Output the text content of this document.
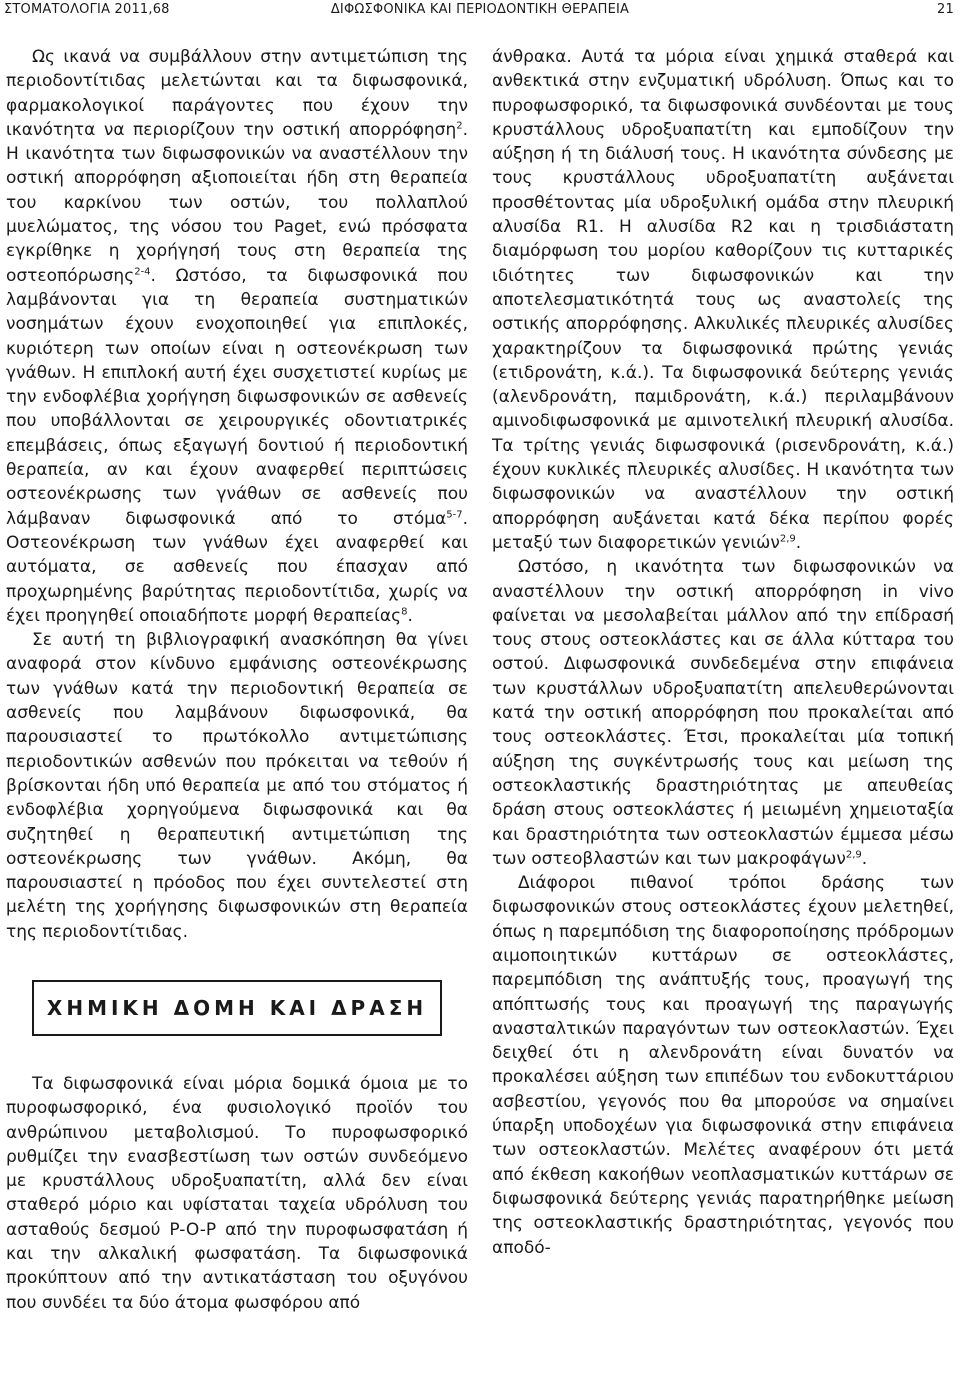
ΣΤΟΜΑΤΟΛΟΓΙΑ 2011,68	ΔΙΦΩΣΦΟΝΙΚΑ ΚΑΙ ΠΕΡΙΟΔΟΝΤΙΚΗ ΘΕΡΑΠΕΙΑ	21

Ως ικανά να συμβάλλουν στην αντιμετώπιση της περιοδοντίτιδας μελετώνται και τα διφωσφονικά, φαρμακολογικοί παράγοντες που έχουν την ικανότητα να περιορίζουν την οστική απορρόφηση$^2$. Η ικανότητα των διφωσφονικών να αναστέλλουν την οστική απορρόφηση αξιοποιείται ήδη στη θεραπεία του καρκίνου των οστών, του πολλαπλού μυελώματος, της νόσου του Paget, ενώ πρόσφατα εγκρίθηκε η χορήγησή τους στη θεραπεία της οστεοπόρωσης$^{2-4}$. Ωστόσο, τα διφωσφονικά που λαμβάνονται για τη θεραπεία συστηματικών νοσημάτων έχουν ενοχοποιηθεί για επιπλοκές, κυριότερη των οποίων είναι η οστεονέκρωση των γνάθων. Η επιπλοκή αυτή έχει συσχετιστεί κυρίως με την ενδοφλέβια χορήγηση διφωσφονικών σε ασθενείς που υποβάλλονται σε χειρουργικές οδοντιατρικές επεμβάσεις, όπως εξαγωγή δοντιού ή περιοδοντική θεραπεία, αν και έχουν αναφερθεί περιπτώσεις οστεονέκρωσης των γνάθων σε ασθενείς που λάμβαναν διφωσφονικά από το στόμα$^{5-7}$. Οστεονέκρωση των γνάθων έχει αναφερθεί και αυτόματα, σε ασθενείς που έπασχαν από προχωρημένης βαρύτητας περιοδοντίτιδα, χωρίς να έχει προηγηθεί οποιαδήποτε μορφή θεραπείας$^8$.

Σε αυτή τη βιβλιογραφική ανασκόπηση θα γίνει αναφορά στον κίνδυνο εμφάνισης οστεονέκρωσης των γνάθων κατά την περιοδοντική θεραπεία σε ασθενείς που λαμβάνουν διφωσφονικά, θα παρουσιαστεί το πρωτόκολλο αντιμετώπισης περιοδοντικών ασθενών που πρόκειται να τεθούν ή βρίσκονται ήδη υπό θεραπεία με από του στόματος ή ενδοφλέβια χορηγούμενα διφωσφονικά και θα συζητηθεί η θεραπευτική αντιμετώπιση της οστεονέκρωσης των γνάθων. Ακόμη, θα παρουσιαστεί η πρόοδος που έχει συντελεστεί στη μελέτη της χορήγησης διφωσφονικών στη θεραπεία της περιοδοντίτιδας.

ΧΗΜΙΚΗ ΔΟΜΗ ΚΑΙ ΔΡΑΣΗ

Τα διφωσφονικά είναι μόρια δομικά όμοια με το πυροφωσφορικό, ένα φυσιολογικό προϊόν του ανθρώπινου μεταβολισμού. Το πυροφωσφορικό ρυθμίζει την ενασβεστίωση των οστών συνδεόμενο με κρυστάλλους υδροξυαπατίτη, αλλά δεν είναι σταθερό μόριο και υφίσταται ταχεία υδρόλυση του ασταθούς δεσμού P-O-P από την πυροφωσφατάση ή και την αλκαλική φωσφατάση. Τα διφωσφονικά προκύπτουν από την αντικατάσταση του οξυγόνου που συνδέει τα δύο άτομα φωσφόρου από

άνθρακα. Αυτά τα μόρια είναι χημικά σταθερά και ανθεκτικά στην ενζυματική υδρόλυση. Όπως και το πυροφωσφορικό, τα διφωσφονικά συνδέονται με τους κρυστάλλους υδροξυαπατίτη και εμποδίζουν την αύξηση ή τη διάλυσή τους. Η ικανότητα σύνδεσης με τους κρυστάλλους υδροξυαπατίτη αυξάνεται προσθέτοντας μία υδροξυλική ομάδα στην πλευρική αλυσίδα R1. Η αλυσίδα R2 και η τρισδιάστατη διαμόρφωση του μορίου καθορίζουν τις κυτταρικές ιδιότητες των διφωσφονικών και την αποτελεσματικότητά τους ως αναστολείς της οστικής απορρόφησης. Αλκυλικές πλευρικές αλυσίδες χαρακτηρίζουν τα διφωσφονικά πρώτης γενιάς (ετιδρονάτη, κ.ά.). Τα διφωσφονικά δεύτερης γενιάς (αλενδρονάτη, παμιδρονάτη, κ.ά.) περιλαμβάνουν αμινοδιφωσφονικά με αμινοτελική πλευρική αλυσίδα. Τα τρίτης γενιάς διφωσφονικά (ρισενδρονάτη, κ.ά.) έχουν κυκλικές πλευρικές αλυσίδες. Η ικανότητα των διφωσφονικών να αναστέλλουν την οστική απορρόφηση αυξάνεται κατά δέκα περίπου φορές μεταξύ των διαφορετικών γενιών$^{2,9}$.

Ωστόσο, η ικανότητα των διφωσφονικών να αναστέλλουν την οστική απορρόφηση in vivo φαίνεται να μεσολαβείται μάλλον από την επίδρασή τους στους οστεοκλάστες και σε άλλα κύτταρα του οστού. Διφωσφονικά συνδεδεμένα στην επιφάνεια των κρυστάλλων υδροξυαπατίτη απελευθερώνονται κατά την οστική απορρόφηση που προκαλείται από τους οστεοκλάστες. Έτσι, προκαλείται μία τοπική αύξηση της συγκέντρωσής τους και μείωση της οστεοκλαστικής δραστηριότητας με απευθείας δράση στους οστεοκλάστες ή μειωμένη χημειοταξία και δραστηριότητα των οστεοκλαστών έμμεσα μέσω των οστεοβλαστών και των μακροφάγων$^{2,9}$.

Διάφοροι πιθανοί τρόποι δράσης των διφωσφονικών στους οστεοκλάστες έχουν μελετηθεί, όπως η παρεμπόδιση της διαφοροποίησης πρόδρομων αιμοποιητικών κυττάρων σε οστεοκλάστες, παρεμπόδιση της ανάπτυξής τους, προαγωγή της απόπτωσής τους και προαγωγή της παραγωγής ανασταλτικών παραγόντων των οστεοκλαστών. Έχει δειχθεί ότι η αλενδρονάτη είναι δυνατόν να προκαλέσει αύξηση των επιπέδων του ενδοκυττάριου ασβεστίου, γεγονός που θα μπορούσε να σημαίνει ύπαρξη υποδοχέων για διφωσφονικά στην επιφάνεια των οστεοκλαστών. Μελέτες αναφέρουν ότι μετά από έκθεση κακοήθων νεοπλασματικών κυττάρων σε διφωσφονικά δεύτερης γενιάς παρατηρήθηκε μείωση της οστεοκλαστικής δραστηριότητας, γεγονός που αποδό-
